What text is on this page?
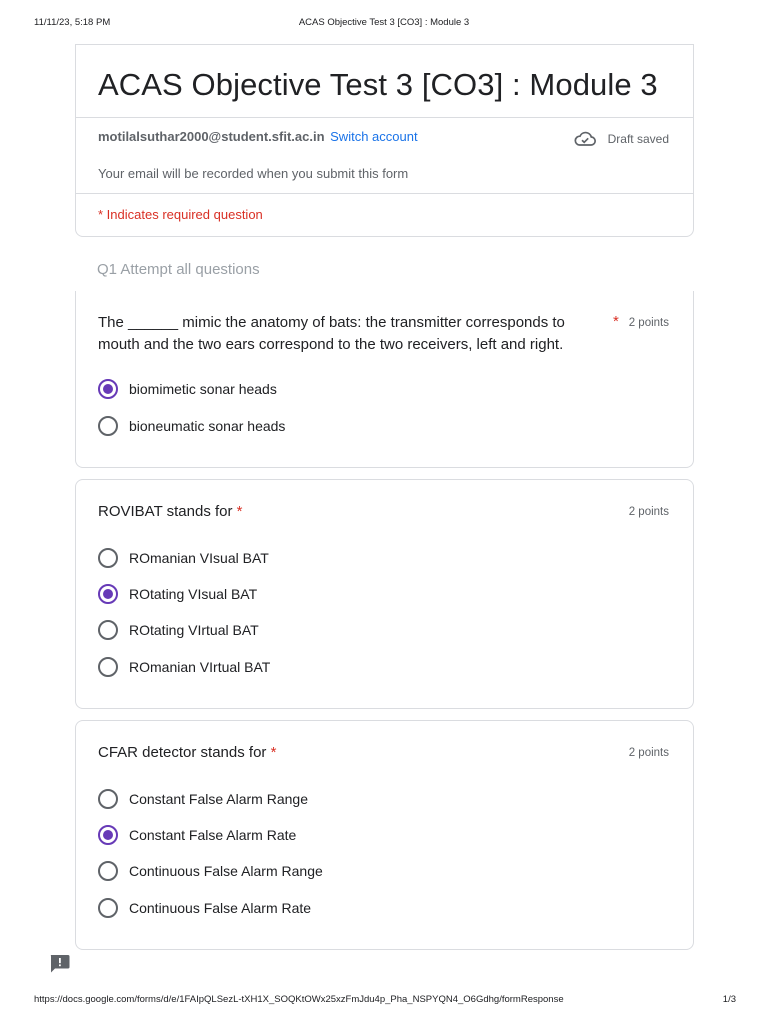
11/11/23, 5:18 PM	ACAS Objective Test 3 [CO3] : Module 3
ACAS Objective Test 3 [CO3] : Module 3
motilalsuthar2000@student.sfit.ac.in Switch account	Draft saved
Your email will be recorded when you submit this form
* Indicates required question
Q1 Attempt all questions
The ______ mimic the anatomy of bats: the transmitter corresponds to mouth and the two ears correspond to the two receivers, left and right.
* 2 points
biomimetic sonar heads
bioneumatic sonar heads
ROVIBAT stands for *	2 points
ROmanian VIsual BAT
ROtating VIsual BAT
ROtating VIrtual BAT
ROmanian VIrtual BAT
CFAR detector stands for *	2 points
Constant False Alarm Range
Constant False Alarm Rate
Continuous False Alarm Range
Continuous False Alarm Rate
https://docs.google.com/forms/d/e/1FAIpQLSezL-tXH1X_SOQKtOWx25xzFmJdu4p_Pha_NSPYQN4_O6Gdhg/formResponse	1/3
